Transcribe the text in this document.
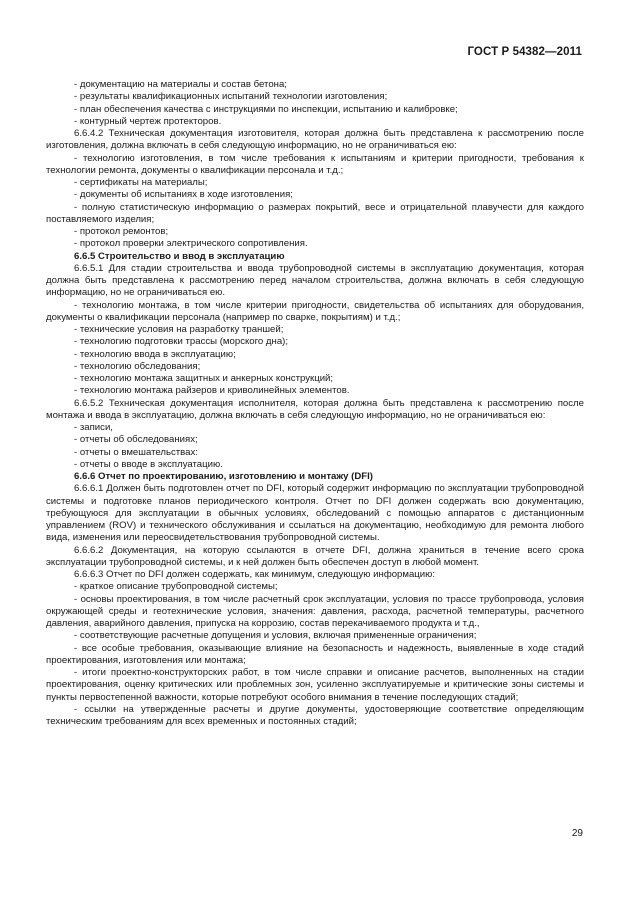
ГОСТ Р 54382—2011

- документацию на материалы и состав бетона;

- результаты квалификационных испытаний технологии изготовления;

- план обеспечения качества с инструкциями по инспекции, испытанию и калибровке;

- контурный чертеж протекторов.

6.6.4.2 Техническая документация изготовителя, которая должна быть представлена к рассмотрению после изготовления, должна включать в себя следующую информацию, но не ограничиваться ею:

- технологию изготовления, в том числе требования к испытаниям и критерии пригодности, требования к технологии ремонта, документы о квалификации персонала и т.д.;

- сертификаты на материалы;

- документы об испытаниях в ходе изготовления;

- полную статистическую информацию о размерах покрытий, весе и отрицательной плавучести для каждого поставляемого изделия;

- протокол ремонтов;

- протокол проверки электрического сопротивления.

6.6.5 Строительство и ввод в эксплуатацию

6.6.5.1 Для стадии строительства и ввода трубопроводной системы в эксплуатацию документация, которая должна быть представлена к рассмотрению перед началом строительства, должна включать в себя следующую информацию, но не ограничиваться ею.

- технологию монтажа, в том числе критерии пригодности, свидетельства об испытаниях для оборудования, документы о квалификации персонала (например по сварке, покрытиям) и т.д.;

- технические условия на разработку траншей;

- технологию подготовки трассы (морского дна);

- технологию ввода в эксплуатацию;

- технологию обследования;

- технологию монтажа защитных и анкерных конструкций;

- технологию монтажа райзеров и криволинейных элементов.

6.6.5.2 Техническая документация исполнителя, которая должна быть представлена к рассмотрению после монтажа и ввода в эксплуатацию, должна включать в себя следующую информацию, но не ограничиваться ею:

- записи,

- отчеты об обследованиях;

- отчеты о вмешательствах:

- отчеты о вводе в эксплуатацию.

6.6.6 Отчет по проектированию, изготовлению и монтажу (DFI)

6.6.6.1 Должен быть подготовлен отчет по DFI, который содержит информацию по эксплуатации трубопроводной системы и подготовке планов периодического контроля. Отчет по DFI должен содержать всю документацию, требующуюся для эксплуатации в обычных условиях, обследований с помощью аппаратов с дистанционным управлением (ROV) и технического обслуживания и ссылаться на документацию, необходимую для ремонта любого вида, изменения или переосвидетельствования трубопроводной системы.

6.6.6.2 Документация, на которую ссылаются в отчете DFI, должна храниться в течение всего срока эксплуатации трубопроводной системы, и к ней должен быть обеспечен доступ в любой момент.

6.6.6.3 Отчет по DFI должен содержать, как минимум, следующую информацию:

- краткое описание трубопроводной системы;

- основы проектирования, в том числе расчетный срок эксплуатации, условия по трассе трубопровода, условия окружающей среды и геотехнические условия, значения: давления, расхода, расчетной температуры, расчетного давления, аварийного давления, припуска на коррозию, состав перекачиваемого продукта и т.д.,

- соответствующие расчетные допущения и условия, включая примененные ограничения;

- все особые требования, оказывающие влияние на безопасность и надежность, выявленные в ходе стадий проектирования, изготовления или монтажа;

- итоги проектно-конструкторских работ, в том числе справки и описание расчетов, выполненных на стадии проектирования, оценку критических или проблемных зон, усиленно эксплуатируемые и критические зоны системы и пункты первостепенной важности, которые потребуют особого внимания в течение последующих стадий;

- ссылки на утвержденные расчеты и другие документы, удостоверяющие соответствие определяющим техническим требованиям для всех временных и постоянных стадий;

29
